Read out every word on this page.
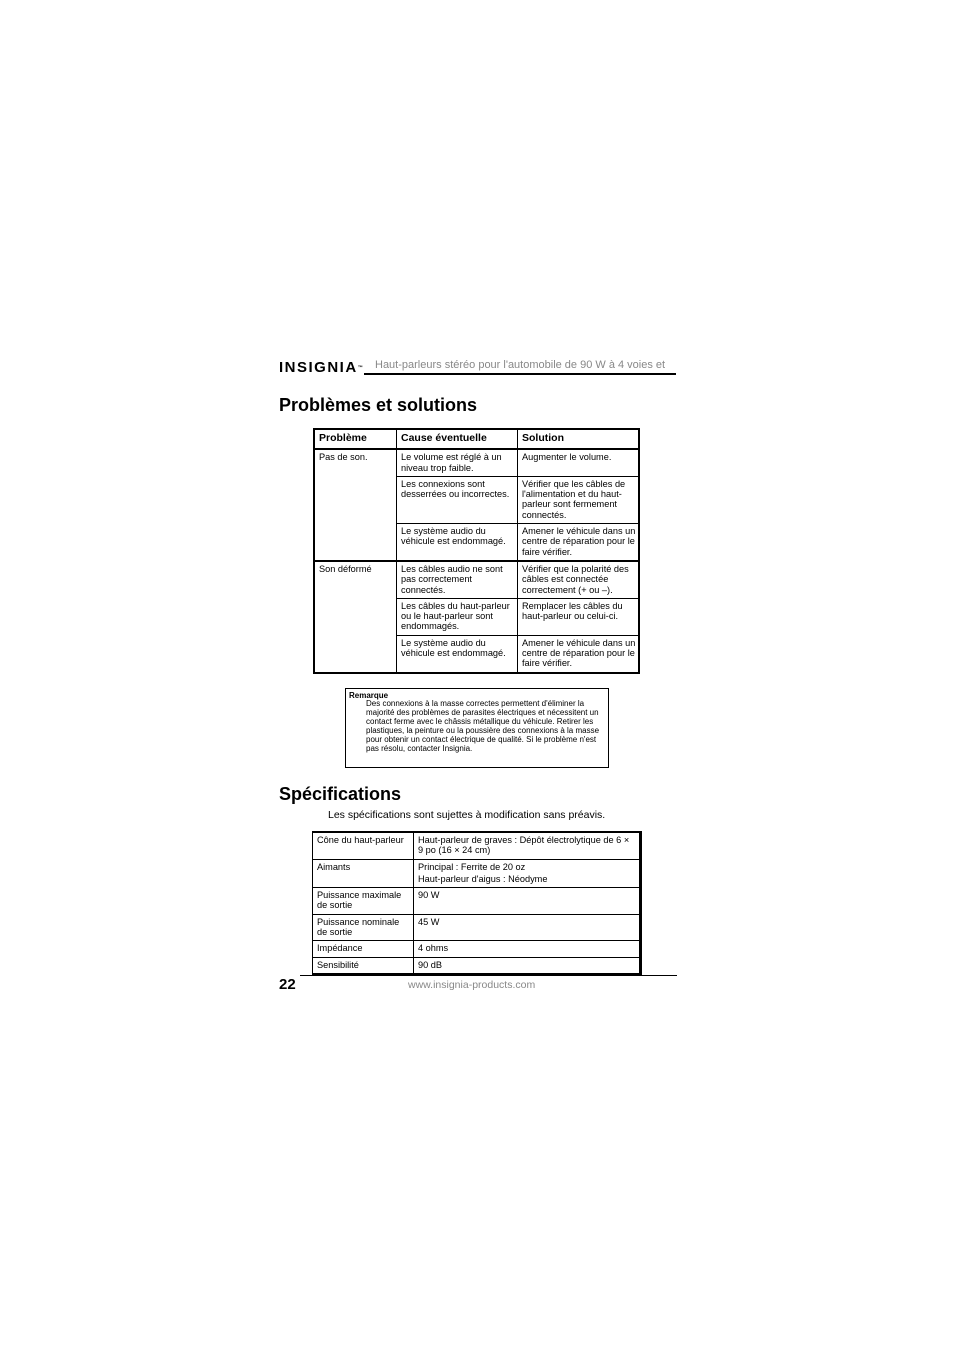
INSIGNIA™ Haut-parleurs stéréo pour l'automobile de 90 W à 4 voies et
Problèmes et solutions
Problème	Cause éventuelle	Solution
Pas de son.	Le volume est réglé à un niveau trop faible.	Augmenter le volume.
	Les connexions sont desserrées ou incorrectes.	Vérifier que les câbles de l'alimentation et du haut-parleur sont fermement connectés.
	Le système audio du véhicule est endommagé.	Amener le véhicule dans un centre de réparation pour le faire vérifier.
Son déformé	Les câbles audio ne sont pas correctement connectés.	Vérifier que la polarité des câbles est connectée correctement (+ ou –).
	Les câbles du haut-parleur ou le haut-parleur sont endommagés.	Remplacer les câbles du haut-parleur ou celui-ci.
	Le système audio du véhicule est endommagé.	Amener le véhicule dans un centre de réparation pour le faire vérifier.
Remarque
Des connexions à la masse correctes permettent d'éliminer la majorité des problèmes de parasites électriques et nécessitent un contact ferme avec le châssis métallique du véhicule. Retirer les plastiques, la peinture ou la poussière des connexions à la masse pour obtenir un contact électrique de qualité. Si le problème n'est pas résolu, contacter Insignia.
Spécifications
Les spécifications sont sujettes à modification sans préavis.
Cône du haut-parleur	Haut-parleur de graves : Dépôt électrolytique de 6 × 9 po (16 × 24 cm)
Aimants	Principal : Ferrite de 20 oz
Haut-parleur d'aigus : Néodyme

Puissance maximale de sortie	90 W
Puissance nominale de sortie	45 W
Impédance	4 ohms
Sensibilité	90 dB
22	www.insignia-products.com
